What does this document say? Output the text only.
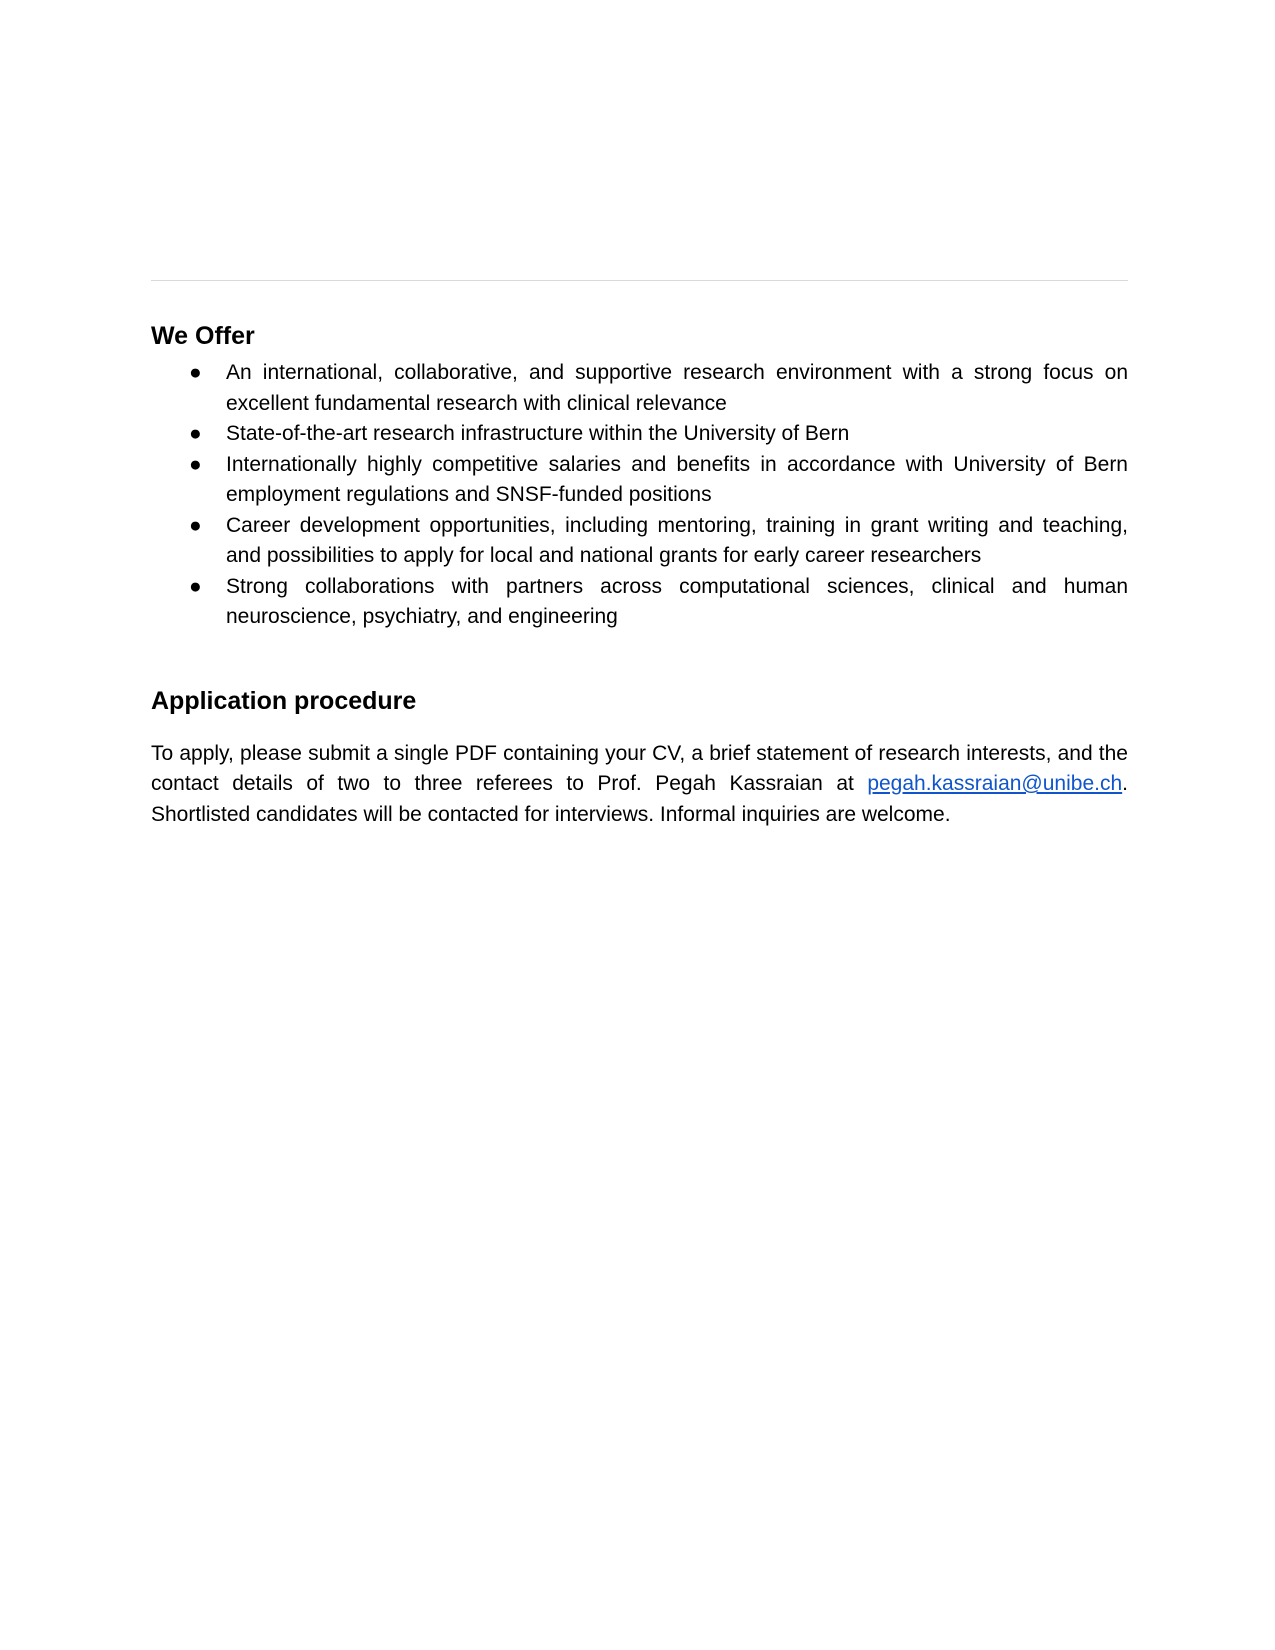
We Offer
● An international, collaborative, and supportive research environment with a strong focus on excellent fundamental research with clinical relevance
● State-of-the-art research infrastructure within the University of Bern
● Internationally highly competitive salaries and benefits in accordance with University of Bern employment regulations and SNSF-funded positions
● Career development opportunities, including mentoring, training in grant writing and teaching, and possibilities to apply for local and national grants for early career researchers
● Strong collaborations with partners across computational sciences, clinical and human neuroscience, psychiatry, and engineering
Application procedure

To apply, please submit a single PDF containing your CV, a brief statement of research interests, and the contact details of two to three referees to Prof. Pegah Kassraian at pegah.kassraian@unibe.ch. Shortlisted candidates will be contacted for interviews. Informal inquiries are welcome.
